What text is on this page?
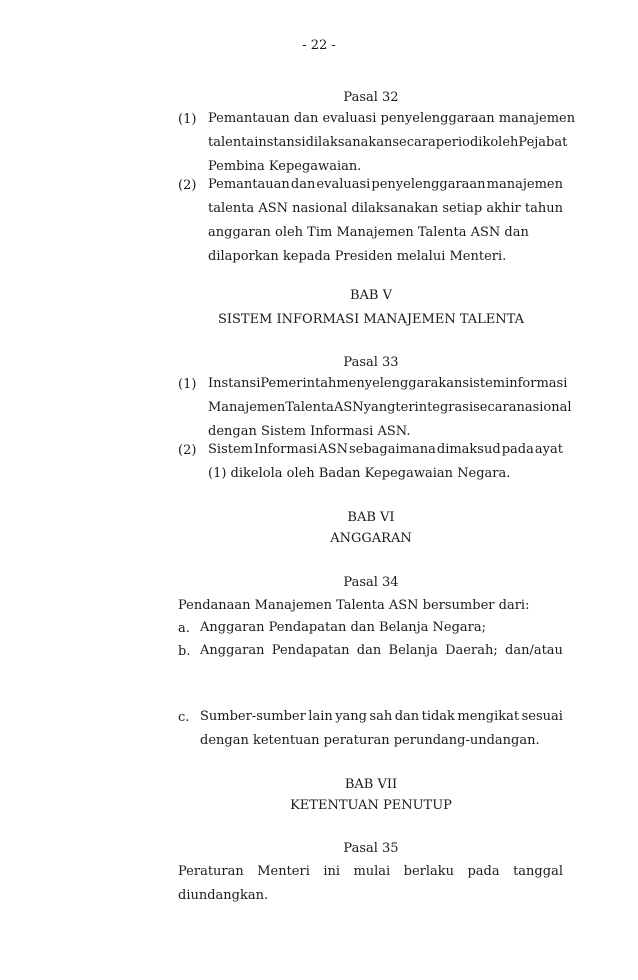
- 22 -
Pasal 32
(1) Pemantauan dan evaluasi penyelenggaraan manajemen
talenta instansi dilaksanakan secara periodik oleh Pejabat
Pembina Kepegawaian.
(2) Pemantauan dan evaluasi penyelenggaraan manajemen
talenta ASN nasional dilaksanakan setiap akhir tahun
anggaran oleh Tim Manajemen Talenta ASN dan
dilaporkan kepada Presiden melalui Menteri.
BAB V
SISTEM INFORMASI MANAJEMEN TALENTA
Pasal 33
(1) Instansi Pemerintah menyelenggarakan sistem informasi
Manajemen Talenta ASN yang terintegrasi secara nasional
dengan Sistem Informasi ASN.
(2) Sistem Informasi ASN sebagaimana dimaksud pada ayat
(1) dikelola oleh Badan Kepegawaian Negara.
BAB VI
ANGGARAN
Pasal 34
Pendanaan Manajemen Talenta ASN bersumber dari:
a. Anggaran Pendapatan dan Belanja Negara;
b. Anggaran Pendapatan dan Belanja Daerah; dan/atau
c. Sumber-sumber lain yang sah dan tidak mengikat sesuai
dengan ketentuan peraturan perundang-undangan.
BAB VII
KETENTUAN PENUTUP
Pasal 35
Peraturan Menteri ini mulai berlaku pada tanggal
diundangkan.
